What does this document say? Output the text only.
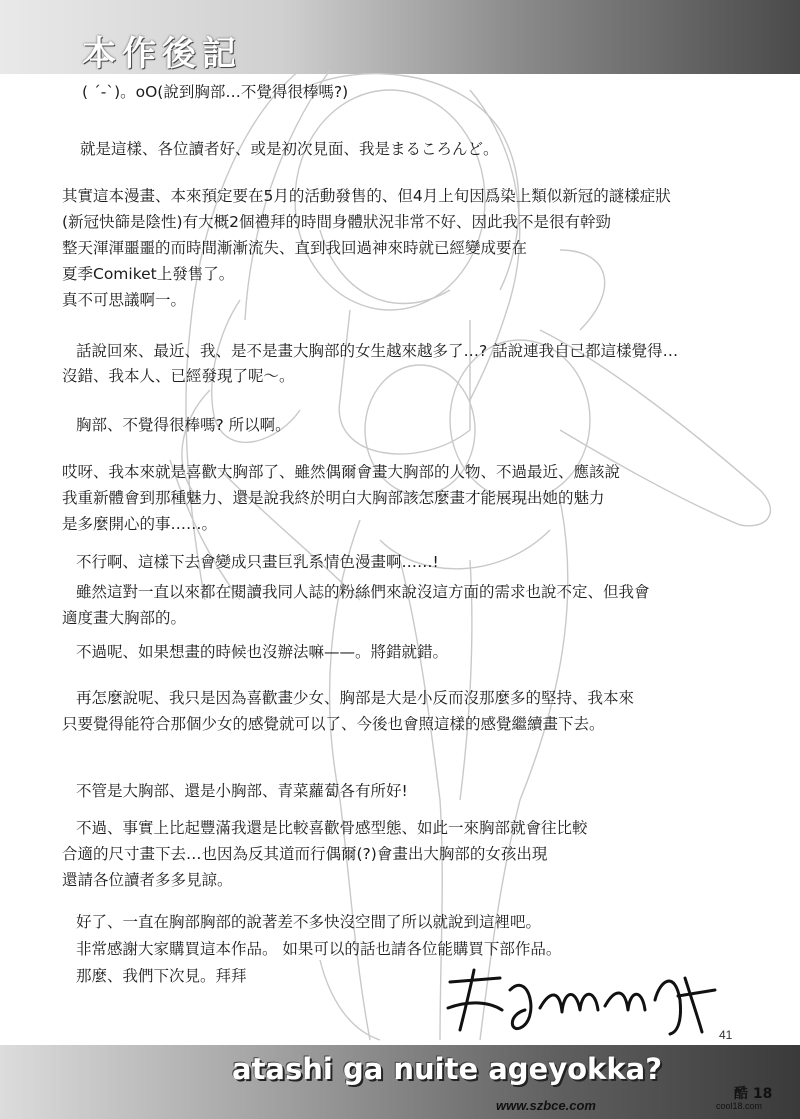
本作後記
( ´-`)。oO(說到胸部…不覺得很棒嗎?)
就是這樣、各位讀者好、或是初次見面、我是まるころんど。
其實這本漫畫、本來預定要在5月的活動發售的、但4月上旬因爲染上類似新冠的謎樣症狀
(新冠快篩是陰性)有大概2個禮拜的時間身體狀況非常不好、因此我不是很有幹勁
整天渾渾噩噩的而時間漸漸流失、直到我回過神來時就已經變成要在
夏季Comiket上發售了。
真不可思議啊一。
話說回來、最近、我、是不是畫大胸部的女生越來越多了…? 話說連我自己都這樣覺得…
沒錯、我本人、已經發現了呢〜。
胸部、不覺得很棒嗎? 所以啊。
哎呀、我本來就是喜歡大胸部了、雖然偶爾會畫大胸部的人物、不過最近、應該說
我重新體會到那種魅力、還是說我終於明白大胸部該怎麼畫才能展現出她的魅力
是多麼開心的事……。
不行啊、這樣下去會變成只畫巨乳系情色漫畫啊……!
雖然這對一直以來都在閱讀我同人誌的粉絲們來說沒這方面的需求也說不定、但我會
適度畫大胸部的。
不過呢、如果想畫的時候也沒辦法嘛——。將錯就錯。
再怎麼說呢、我只是因為喜歡畫少女、胸部是大是小反而沒那麼多的堅持、我本來
只要覺得能符合那個少女的感覺就可以了、今後也會照這樣的感覺繼續畫下去。
不管是大胸部、還是小胸部、青菜蘿蔔各有所好!
不過、事實上比起豐滿我還是比較喜歡骨感型態、如此一來胸部就會往比較
合適的尺寸畫下去…也因為反其道而行偶爾(?)會畫出大胸部的女孩出現
還請各位讀者多多見諒。
好了、一直在胸部胸部的說著差不多快沒空間了所以就說到這裡吧。
非常感謝大家購買這本作品。 如果可以的話也請各位能購買下部作品。
那麼、我們下次見。拜拜
41
atashi ga nuite ageyokka?
酷 18
www.szbce.com	cool18.com
